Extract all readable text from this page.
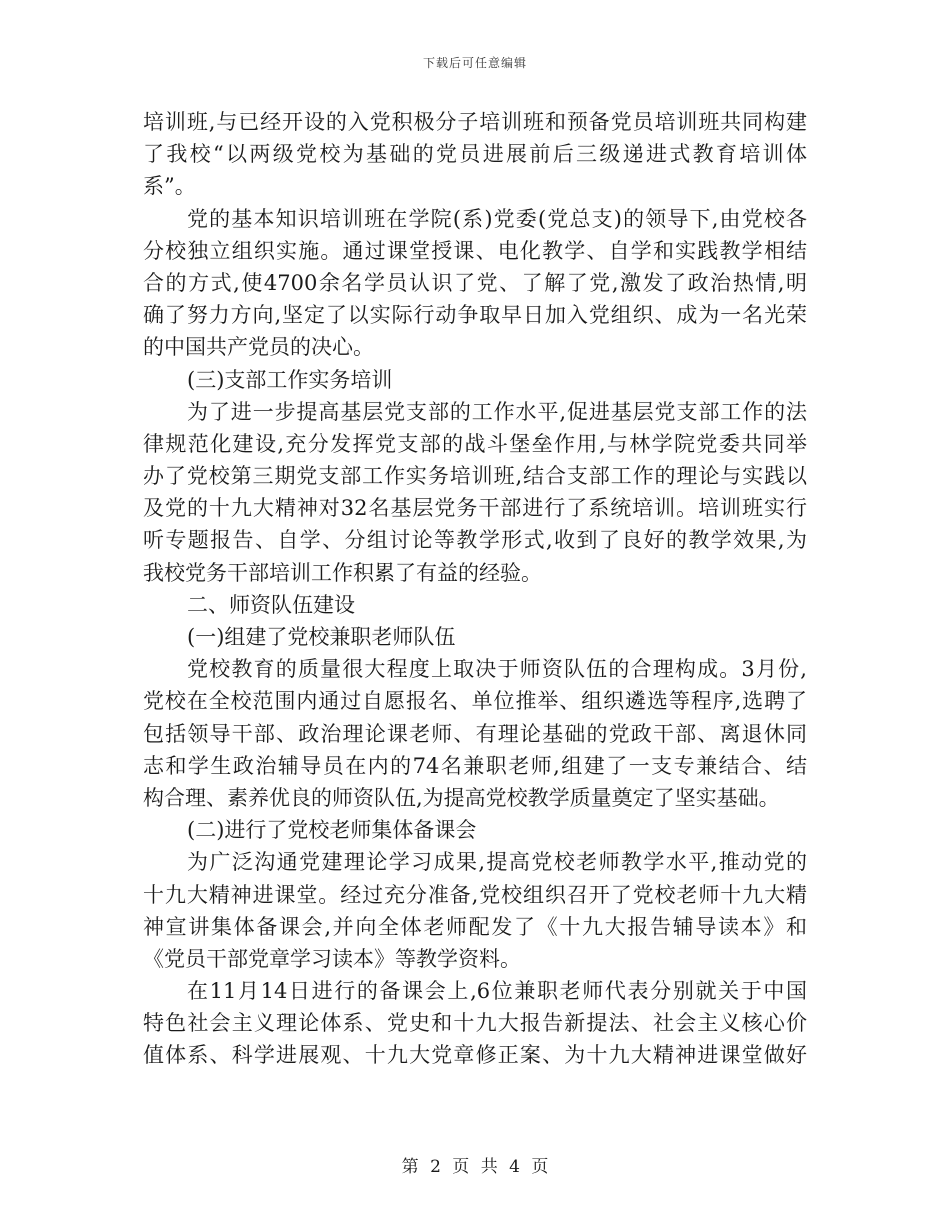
下载后可任意编辑
培训班,与已经开设的入党积极分子培训班和预备党员培训班共同构建
了我校“以两级党校为基础的党员进展前后三级递进式教育培训体
系”。
党的基本知识培训班在学院(系)党委(党总支)的领导下,由党校各
分校独立组织实施。通过课堂授课、电化教学、自学和实践教学相结
合的方式,使4700余名学员认识了党、了解了党,激发了政治热情,明
确了努力方向,坚定了以实际行动争取早日加入党组织、成为一名光荣
的中国共产党员的决心。
(三)支部工作实务培训
为了进一步提高基层党支部的工作水平,促进基层党支部工作的法
律规范化建设,充分发挥党支部的战斗堡垒作用,与林学院党委共同举
办了党校第三期党支部工作实务培训班,结合支部工作的理论与实践以
及党的十九大精神对32名基层党务干部进行了系统培训。培训班实行
听专题报告、自学、分组讨论等教学形式,收到了良好的教学效果,为
我校党务干部培训工作积累了有益的经验。
二、师资队伍建设
(一)组建了党校兼职老师队伍
党校教育的质量很大程度上取决于师资队伍的合理构成。3月份,
党校在全校范围内通过自愿报名、单位推举、组织遴选等程序,选聘了
包括领导干部、政治理论课老师、有理论基础的党政干部、离退休同
志和学生政治辅导员在内的74名兼职老师,组建了一支专兼结合、结
构合理、素养优良的师资队伍,为提高党校教学质量奠定了坚实基础。
(二)进行了党校老师集体备课会
为广泛沟通党建理论学习成果,提高党校老师教学水平,推动党的
十九大精神进课堂。经过充分准备,党校组织召开了党校老师十九大精
神宣讲集体备课会,并向全体老师配发了《十九大报告辅导读本》和
《党员干部党章学习读本》等教学资料。
在11月14日进行的备课会上,6位兼职老师代表分别就关于中国
特色社会主义理论体系、党史和十九大报告新提法、社会主义核心价
值体系、科学进展观、十九大党章修正案、为十九大精神进课堂做好
第 2 页 共 4 页
